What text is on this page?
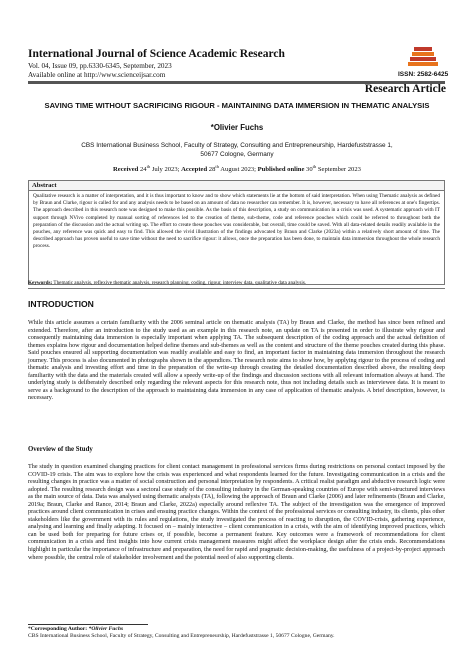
International Journal of Science Academic Research
Vol. 04, Issue 09, pp.6330-6345, September, 2023
Available online at http://www.scienceijsar.com	ISSN: 2582-6425
Research Article
SAVING TIME WITHOUT SACRIFICING RIGOUR - MAINTAINING DATA IMMERSION IN THEMATIC ANALYSIS
*Olivier Fuchs
CBS International Business School, Faculty of Strategy, Consulting and Entrepreneurship, Hardefuststrasse 1,
50677 Cologne, Germany
Received 24th July 2023; Accepted 28th August 2023; Published online 30th September 2023
Abstract
Qualitative research is a matter of interpretation, and it is thus important to know and to show which statements lie at the bottom of said interpretation. When using Thematic analysis as defined by Braun and Clarke, rigour is called for and any analysis needs to be based on an amount of data no researcher can remember. It is, however, necessary to have all references at one's fingertips. The approach described in this research note was designed to make this possible. As the basis of this description, a study on communication in a crisis was used. A systematic approach with IT support through NVivo completed by manual sorting of references led to the creation of theme, sub-theme, code and reference pouches which could be referred to throughout both the preparation of the discussion and the actual writing up. The effort to create these pouches was considerable, but overall, time could be saved. With all data-related details readily available in the pouches, any reference was quick and easy to find. This allowed the vivid illustration of the findings advocated by Braun and Clarke (2023a) within a relatively short amount of time. The described approach has proven useful to save time without the need to sacrifice rigour: it allows, once the preparation has been done, to maintain data immersion throughout the whole research process.
Keywords: Thematic analysis, reflexive thematic analysis, research planning, coding, rigour, interview data, qualitative data analysis.
INTRODUCTION
While this article assumes a certain familiarity with the 2006 seminal article on thematic analysis (TA) by Braun and Clarke, the method has since been refined and extended. Therefore, after an introduction to the study used as an example in this research note, an update on TA is presented in order to illustrate why rigour and consequently maintaining data immersion is especially important when applying TA. The subsequent description of the coding approach and the actual definition of themes explains how rigour and documentation helped define themes and sub-themes as well as the content and structure of the theme pouches created during this phase. Said pouches ensured all supporting documentation was readily available and easy to find, an important factor in maintaining data immersion throughout the research journey. This process is also documented in photographs shown in the appendices. The research note aims to show how, by applying rigour to the process of coding and thematic analysis and investing effort and time in the preparation of the write-up through creating the detailed documentation described above, the resulting deep familiarity with the data and the materials created will allow a speedy write-up of the findings and discussion sections with all relevant information always at hand. The underlying study is deliberately described only regarding the relevant aspects for this research note, thus not including details such as interviewee data. It is meant to serve as a background to the description of the approach to maintaining data immersion in any case of application of thematic analysis. A brief description, however, is necessary.
Overview of the Study
The study in question examined changing practices for client contact management in professional services firms during restrictions on personal contact imposed by the COVID-19 crisis. The aim was to explore how the crisis was experienced and what respondents learned for the future. Investigating communication in a crisis and the resulting changes in practice was a matter of social construction and personal interpretation by respondents. A critical realist paradigm and abductive research logic were adopted. The resulting research design was a sectoral case study of the consulting industry in the German-speaking countries of Europe with semi-structured interviews as the main source of data. Data was analysed using thematic analysis (TA), following the approach of Braun and Clarke (2006) and later refinements (Braun and Clarke, 2019a; Braun, Clarke and Rance, 2014; Braun and Clarke, 2022a) especially around reflexive TA. The subject of the investigation was the emergence of improved practices around client communication in crises and ensuing practice changes. Within the context of the professional services or consulting industry, its clients, plus other stakeholders like the government with its rules and regulations, the study investigated the process of reacting to disruption, the COVID-crisis, gathering experience, analysing and learning and finally adapting. It focused on – mainly interactive – client communication in a crisis, with the aim of identifying improved practices, which can be used both for preparing for future crises or, if possible, become a permanent feature. Key outcomes were a framework of recommendations for client communication in a crisis and first insights into how current crisis management measures might affect the workplace design after the crisis ends. Recommendations highlight in particular the importance of infrastructure and preparation, the need for rapid and pragmatic decision-making, the usefulness of a project-by-project approach where possible, the central role of stakeholder involvement and the potential need of also supporting clients.
*Corresponding Author: *Olivier Fuchs
CBS International Business School, Faculty of Strategy, Consulting and Entrepreneurship, Hardefuststrasse 1, 50677 Cologne, Germany.
